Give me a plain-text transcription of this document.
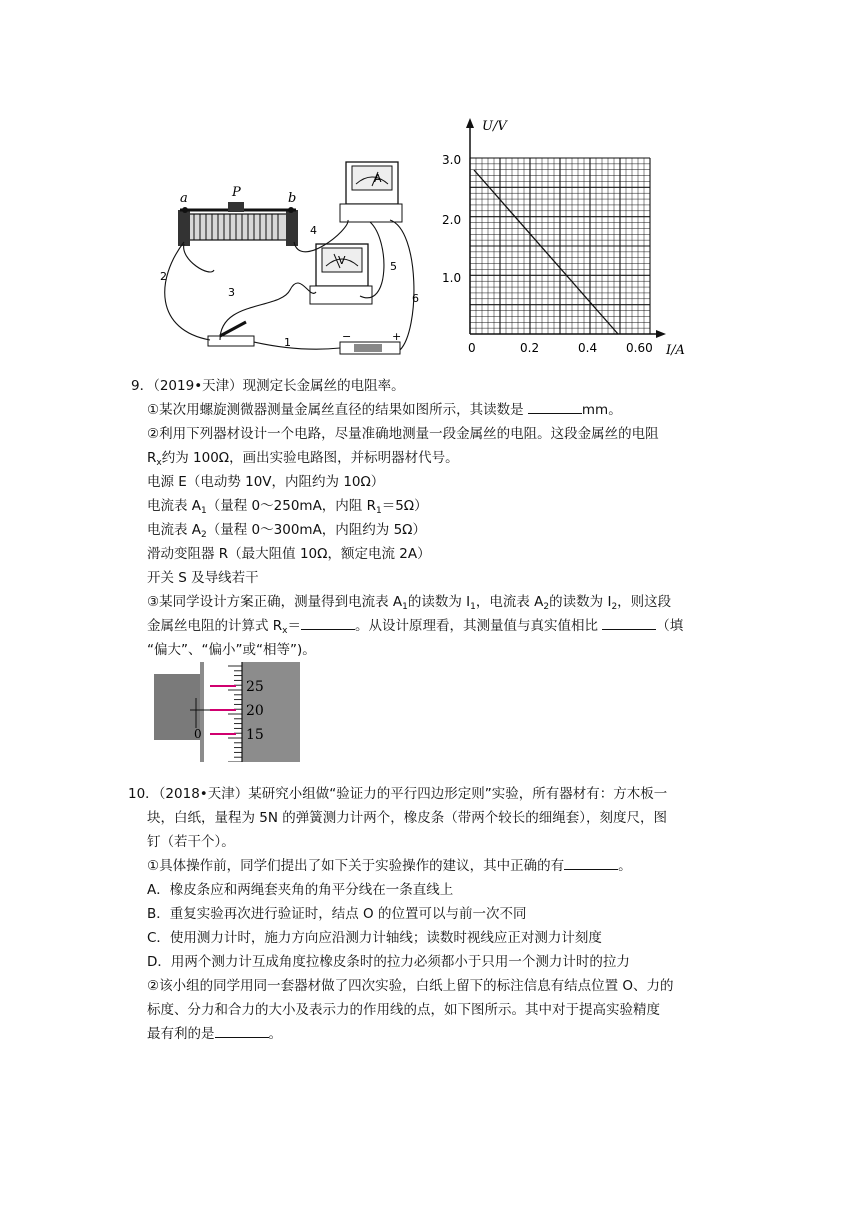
a	P	b
A
V
−	+
1
2
3
4
5
6
U/V
I/A
3.0
2.0
1.0
0	0.2	0.4 0.60
9．（2019•天津）现测定长金属丝的电阻率。
①某次用螺旋测微器测量金属丝直径的结果如图所示，其读数是	mm。
②利用下列器材设计一个电路，尽量准确地测量一段金属丝的电阻。这段金属丝的电阻
$R_x$约为 100Ω，画出实验电路图，并标明器材代号。
电源 E（电动势 10V，内阻约为 10Ω）
电流表 $A_1$（量程 0～250mA，内阻 $R_1=5\Omega$）
电流表 $A_2$（量程 0～300mA，内阻约为 5Ω）
滑动变阻器 R（最大阻值 10Ω，额定电流 2A）
开关 S 及导线若干
③某同学设计方案正确，测量得到电流表 $A_1$的读数为 $I_1$，电流表 $A_2$的读数为 $I_2$，则这段
金属丝电阻的计算式 $R_x=$	。从设计原理看，其测量值与真实值相比	（填
“偏大”、“偏小”或“相等”)。
25
20
15
0
10．（2018•天津）某研究小组做“验证力的平行四边形定则”实验，所有器材有：方木板一
块，白纸，量程为 5N 的弹簧测力计两个，橡皮条（带两个较长的细绳套），刻度尺，图
钉（若干个）。
①具体操作前，同学们提出了如下关于实验操作的建议，其中正确的有	。
A．橡皮条应和两绳套夹角的角平分线在一条直线上
B．重复实验再次进行验证时，结点 O 的位置可以与前一次不同
C．使用测力计时，施力方向应沿测力计轴线；读数时视线应正对测力计刻度
D．用两个测力计互成角度拉橡皮条时的拉力必须都小于只用一个测力计时的拉力
②该小组的同学用同一套器材做了四次实验，白纸上留下的标注信息有结点位置 O、力的
标度、分力和合力的大小及表示力的作用线的点，如下图所示。其中对于提高实验精度
最有利的是	。
